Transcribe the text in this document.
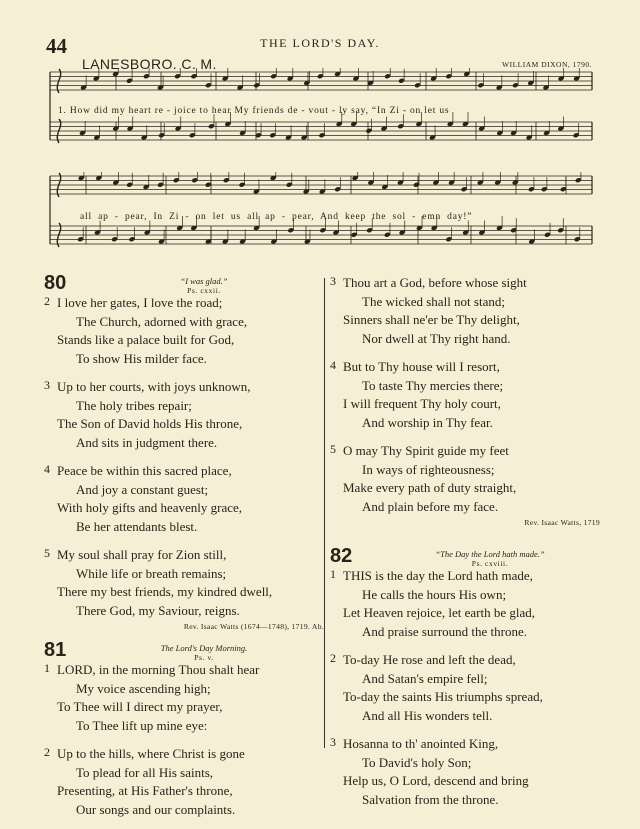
44	THE LORD'S DAY.
LANESBORO. C. M.	WILLIAM DIXON, 1790.
1. How did my heart re - joice to hear My friends de - vout - ly say, “In Zi - on let us
all ap - pear, In Zi - on let us all ap - pear, And keep the sol - emn day!”
80	“I was glad.”
Ps. cxxii.
2 I love her gates, I love the road;
The Church, adorned with grace,
Stands like a palace built for God,
To show His milder face.
3 Up to her courts, with joys unknown,
The holy tribes repair;
The Son of David holds His throne,
And sits in judgment there.
4 Peace be within this sacred place,
And joy a constant guest;
With holy gifts and heavenly grace,
Be her attendants blest.
5 My soul shall pray for Zion still,
While life or breath remains;
There my best friends, my kindred dwell,
There God, my Saviour, reigns.
Rev. Isaac Watts (1674—1748), 1719. Ab.
81	The Lord's Day Morning.
Ps. v.
1 LORD, in the morning Thou shalt hear
My voice ascending high;
To Thee will I direct my prayer,
To Thee lift up mine eye:
2 Up to the hills, where Christ is gone
To plead for all His saints,
Presenting, at His Father's throne,
Our songs and our complaints.
3 Thou art a God, before whose sight
The wicked shall not stand;
Sinners shall ne'er be Thy delight,
Nor dwell at Thy right hand.
4 But to Thy house will I resort,
To taste Thy mercies there;
I will frequent Thy holy court,
And worship in Thy fear.
5 O may Thy Spirit guide my feet
In ways of righteousness;
Make every path of duty straight,
And plain before my face.
Rev. Isaac Watts, 1719
82	“The Day the Lord hath made.”
Ps. cxviii.
1 THIS is the day the Lord hath made,
He calls the hours His own;
Let Heaven rejoice, let earth be glad,
And praise surround the throne.
2 To-day He rose and left the dead,
And Satan's empire fell;
To-day the saints His triumphs spread,
And all His wonders tell.
3 Hosanna to th' anointed King,
To David's holy Son;
Help us, O Lord, descend and bring
Salvation from the throne.
